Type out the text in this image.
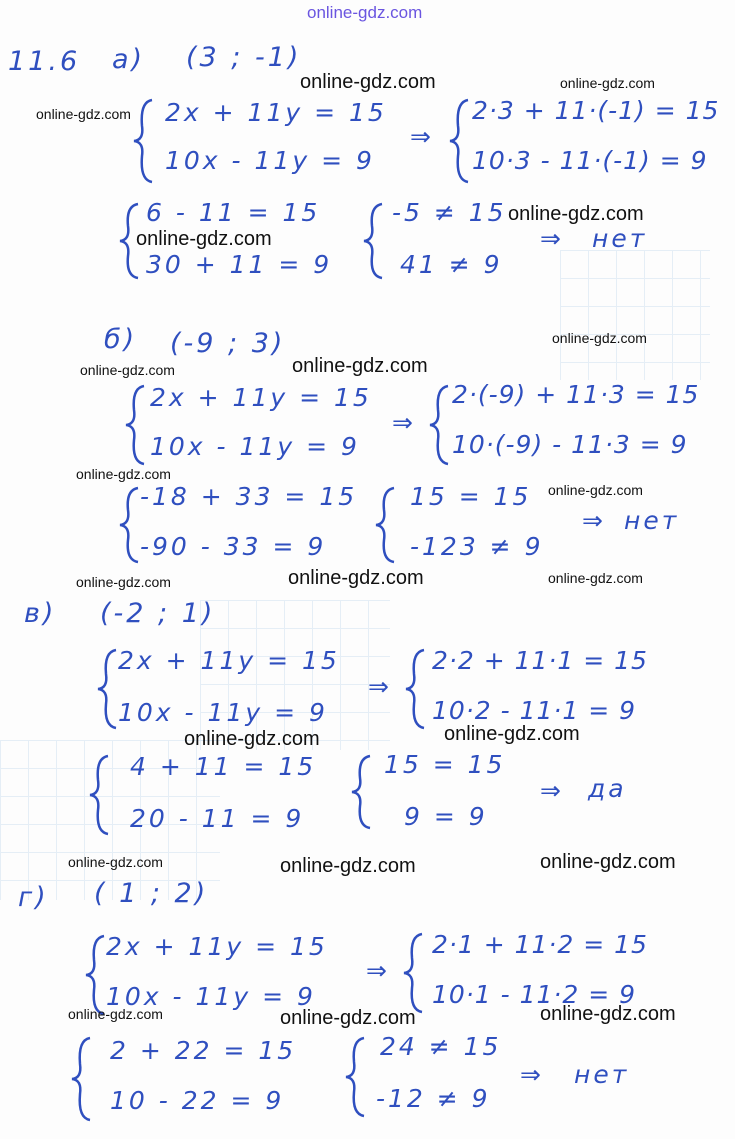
online-gdz.com
11.6 а) (3 ; -1)
2x + 11y = 15
10x - 11y = 9
⇒
2·3 + 11·(-1) = 15
10·3 - 11·(-1) = 9
6 - 11 = 15
30 + 11 = 9
-5 ≠ 15
41 ≠ 9
⇒ нет
б) (-9 ; 3)
2x + 11y = 15
10x - 11y = 9
⇒
2·(-9) + 11·3 = 15
10·(-9) - 11·3 = 9
-18 + 33 = 15
-90 - 33 = 9
15 = 15
-123 ≠ 9
⇒ нет
в) (-2 ; 1)
2x + 11y = 15
10x - 11y = 9
⇒
2·2 + 11·1 = 15
10·2 - 11·1 = 9
4 + 11 = 15
20 - 11 = 9
15 = 15
9 = 9
⇒ да
г) ( 1 ; 2)
2x + 11y = 15
10x - 11y = 9
⇒
2·1 + 11·2 = 15
10·1 - 11·2 = 9
2 + 22 = 15
10 - 22 = 9
24 ≠ 15
-12 ≠ 9
⇒ нет
online-gdz.com	online-gdz.com
online-gdz.com
online-gdz.com
online-gdz.com
online-gdz.com
online-gdz.com
online-gdz.com
online-gdz.com
online-gdz.com
online-gdz.com
online-gdz.com	online-gdz.com
online-gdz.com
online-gdz.com
online-gdz.com
online-gdz.com	online-gdz.com
online-gdz.com	online-gdz.com
online-gdz.com
